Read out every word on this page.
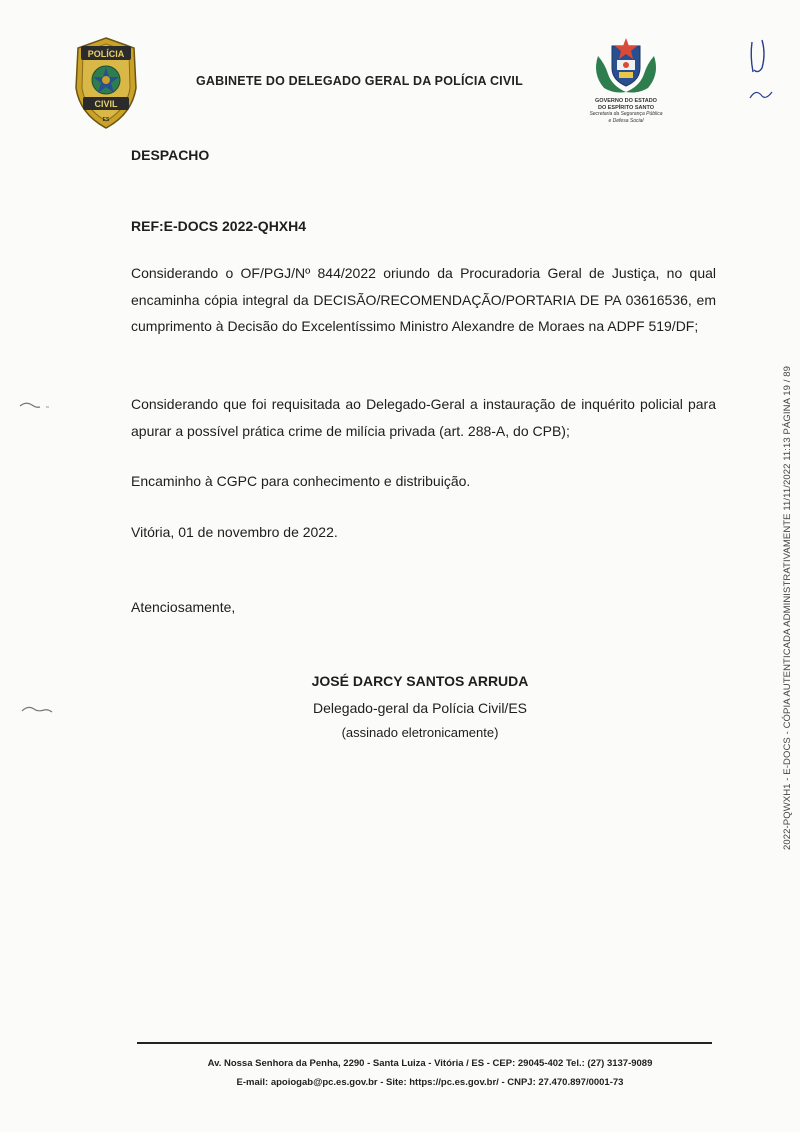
POLÍCIA
CIVIL
ES
GABINETE DO DELEGADO GERAL DA POLÍCIA CIVIL
GOVERNO DO ESTADO
DO ESPÍRITO SANTO
Secretaria da Segurança Pública
e Defesa Social
DESPACHO
REF:E-DOCS 2022-QHXH4
Considerando o OF/PGJ/Nº 844/2022 oriundo da Procuradoria Geral de Justiça, no qual encaminha cópia integral da DECISÃO/RECOMENDAÇÃO/PORTARIA DE PA 03616536, em cumprimento à Decisão do Excelentíssimo Ministro Alexandre de Moraes na ADPF 519/DF;
Considerando que foi requisitada ao Delegado-Geral a instauração de inquérito policial para apurar a possível prática crime de milícia privada (art. 288-A, do CPB);
Encaminho à CGPC para conhecimento e distribuição.
Vitória, 01 de novembro de 2022.
Atenciosamente,
JOSÉ DARCY SANTOS ARRUDA
Delegado-geral da Polícia Civil/ES
(assinado eletronicamente)	2022-PQWXH1 - E-DOCS - CÓPIA AUTENTICADA ADMINISTRATIVAMENTE 11/11/2022 11:13 PÁGINA 19 / 89
Av. Nossa Senhora da Penha, 2290 - Santa Luiza - Vitória / ES - CEP: 29045-402 Tel.: (27) 3137-9089
E-mail: apoiogab@pc.es.gov.br - Site: https://pc.es.gov.br/ - CNPJ: 27.470.897/0001-73
